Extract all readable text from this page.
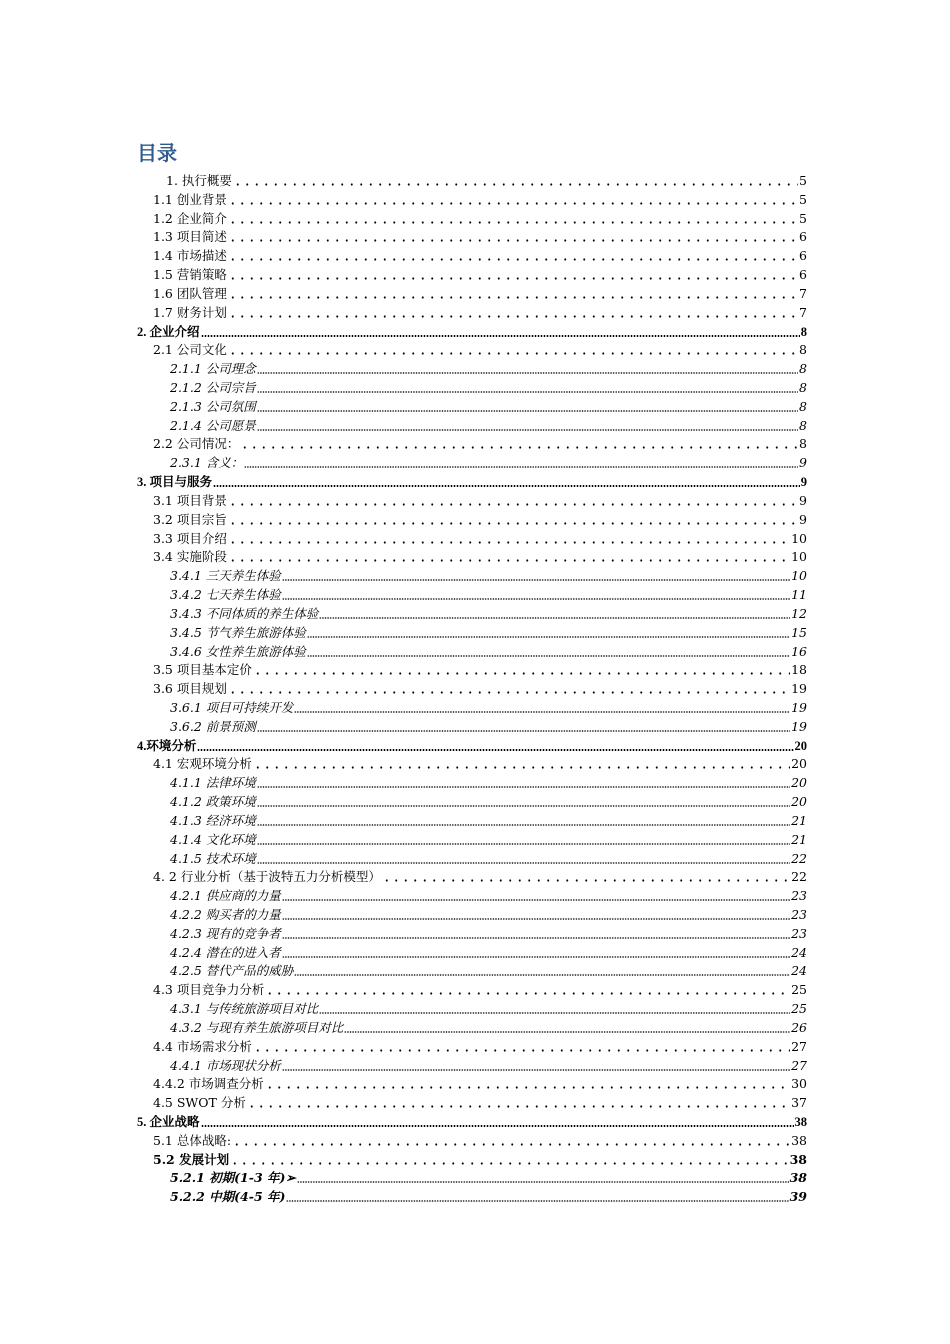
目录
1. 执行概要	5
1.1 创业背景	5
1.2 企业简介	5
1.3 项目简述	6
1.4 市场描述	6
1.5 营销策略	6
1.6 团队管理	7
1.7 财务计划	7
2. 企业介绍	8
2.1 公司文化	8
2.1.1 公司理念	8
2.1.2 公司宗旨	8
2.1.3 公司氛围	8
2.1.4 公司愿景	8
2.2 公司情况：	8
2.3.1 含义：	9
3. 项目与服务	9
3.1 项目背景	9
3.2 项目宗旨	9
3.3 项目介绍	10
3.4 实施阶段	10
3.4.1 三天养生体验	10
3.4.2 七天养生体验	11
3.4.3 不同体质的养生体验	12
3.4.5 节气养生旅游体验	15
3.4.6 女性养生旅游体验	16
3.5 项目基本定价	18
3.6 项目规划	19
3.6.1 项目可持续开发	19
3.6.2 前景预测	19
4.环境分析	20
4.1 宏观环境分析	20
4.1.1 法律环境	20
4.1.2 政策环境	20
4.1.3 经济环境	21
4.1.4 文化环境	21
4.1.5 技术环境	22
4. 2 行业分析（基于波特五力分析模型）	22
4.2.1 供应商的力量	23
4.2.2 购买者的力量	23
4.2.3 现有的竞争者	23
4.2.4 潜在的进入者	24
4.2.5 替代产品的威胁	24
4.3 项目竞争力分析	25
4.3.1 与传统旅游项目对比	25
4.3.2 与现有养生旅游项目对比	26
4.4 市场需求分析	27
4.4.1 市场现状分析	27
4.4.2 市场调查分析	30
4.5 SWOT 分析	37
5. 企业战略	38
5.1 总体战略:	38
5.2 发展计划	38
5.2.1 初期(1-3 年)➢	38
5.2.2 中期(4-5 年)	39
